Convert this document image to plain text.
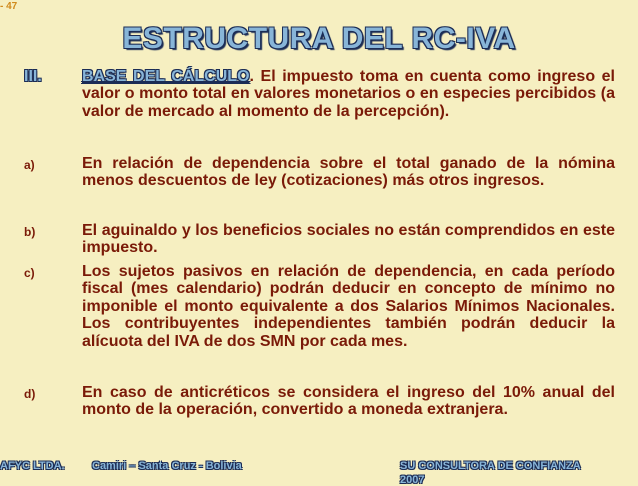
- 47
ESTRUCTURA DEL RC-IVA
III.	BASE DEL CÁLCULO. El impuesto toma en cuenta como ingreso el valor o monto total en valores monetarios o en especies percibidos (a valor de mercado al momento de la percepción).

a)	En relación de dependencia sobre el total ganado de la nómina menos descuentos de ley (cotizaciones) más otros ingresos.

b)	El aguinaldo y los beneficios sociales no están comprendidos en este impuesto.

c)	Los sujetos pasivos en relación de dependencia, en cada período fiscal (mes calendario) podrán deducir en concepto de mínimo no imponible el monto equivalente a dos Salarios Mínimos Nacionales. Los contribuyentes independientes también podrán deducir la alícuota del IVA de dos SMN por cada mes.

d)	En caso de anticréticos se considera el ingreso del 10% anual del monto de la operación, convertido a moneda extranjera.

AFYC LTDA. Camiri – Santa Cruz - Bolivia	SU CONSULTORA DE CONFIANZA
2007
